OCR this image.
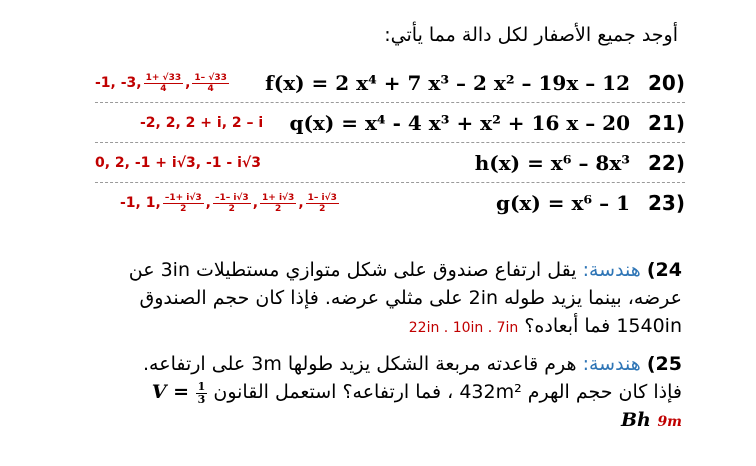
أوجد جميع الأصفار لكل دالة مما يأتي:
-1, -3, $\frac{1+ √33}{4}$ , $\frac{1- √33}{4} f(x) = 2$ x⁴ + 7 x³ – 2 x² – 19x – 12 20)
-2, 2, 2 + i, 2 – i q(x) = x⁴ - 4 x³ + x² + 16 x – 20 21)
0, 2, -1 + i√3, -1 - i√3	h(x) = x⁶ – 8x³ 22)
-1, 1, $\frac{-1+ i√3}{2}$ , $\frac{-1- i√3}{2}$ , $\frac{1+ i√3}{2}$ , $\frac{1- i√3}{2}$	g(x) = x⁶ – 1 23)
24) هندسة: يقل ارتفاع صندوق على شكل متوازي مستطيلات 3in عن عرضه، بينما يزيد طوله 2in على مثلي عرضه. فإذا كان حجم الصندوق 1540in فما أبعاده؟ 22in . 10in . 7in
25) هندسة: هرم قاعدته مربعة الشكل يزيد طولها 3m على ارتفاعه. فإذا كان حجم الهرم 432m² ، فما ارتفاعه؟ استعمل القانون $V = \frac{1}{3}$
Bh 9m
